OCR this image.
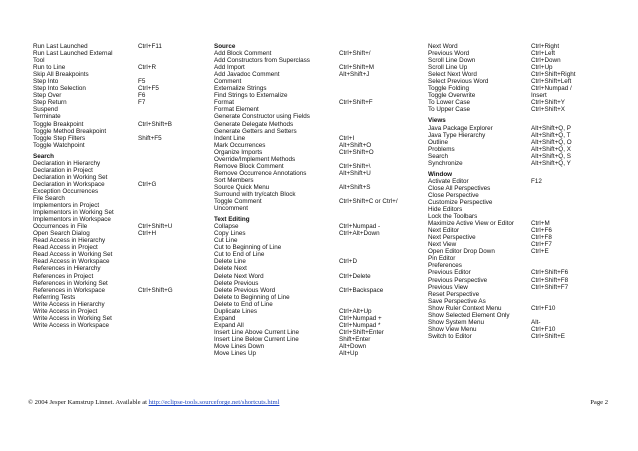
Run Last Launched	Ctrl+F11
Run Last Launched External
Tool
Run to Line	Ctrl+R
Skip All Breakpoints
Step Into	F5
Step Into Selection	Ctrl+F5
Step Over	F6
Step Return	F7
Suspend
Terminate
Toggle Breakpoint	Ctrl+Shift+B
Toggle Method Breakpoint
Toggle Step Filters	Shift+F5
Toggle Watchpoint
Search
Declaration in Hierarchy
Declaration in Project
Declaration in Working Set
Declaration in Workspace	Ctrl+G
Exception Occurrences
File Search
Implementors in Project
Implementors in Working Set
Implementors in Workspace
Occurrences in File	Ctrl+Shift+U
Open Search Dialog	Ctrl+H
Read Access in Hierarchy
Read Access in Project
Read Access in Working Set
Read Access in Workspace
References in Hierarchy
References in Project
References in Working Set
References in Workspace	Ctrl+Shift+G
Referring Tests
Write Access in Hierarchy
Write Access in Project
Write Access in Working Set
Write Access in Workspace
Source
Add Block Comment	Ctrl+Shift+/
Add Constructors from Superclass
Add Import	Ctrl+Shift+M
Add Javadoc Comment	Alt+Shift+J
Comment
Externalize Strings
Find Strings to Externalize
Format	Ctrl+Shift+F
Format Element
Generate Constructor using Fields
Generate Delegate Methods
Generate Getters and Setters
Indent Line	Ctrl+I
Mark Occurrences	Alt+Shift+O
Organize Imports	Ctrl+Shift+O
Override/Implement Methods
Remove Block Comment	Ctrl+Shift+\
Remove Occurrence Annotations	Alt+Shift+U
Sort Members
Source Quick Menu	Alt+Shift+S
Surround with try/catch Block
Toggle Comment	Ctrl+Shift+C or Ctrl+/
Uncomment
Text Editing
Collapse	Ctrl+Numpad -
Copy Lines	Ctrl+Alt+Down
Cut Line
Cut to Beginning of Line
Cut to End of Line
Delete Line	Ctrl+D
Delete Next
Delete Next Word	Ctrl+Delete
Delete Previous
Delete Previous Word	Ctrl+Backspace
Delete to Beginning of Line
Delete to End of Line
Duplicate Lines	Ctrl+Alt+Up
Expand	Ctrl+Numpad +
Expand All	Ctrl+Numpad *
Insert Line Above Current Line	Ctrl+Shift+Enter
Insert Line Below Current Line	Shift+Enter
Move Lines Down	Alt+Down
Move Lines Up	Alt+Up
Next Word	Ctrl+Right
Previous Word	Ctrl+Left
Scroll Line Down	Ctrl+Down
Scroll Line Up	Ctrl+Up
Select Next Word	Ctrl+Shift+Right
Select Previous Word	Ctrl+Shift+Left
Toggle Folding	Ctrl+Numpad /
Toggle Overwrite	Insert
To Lower Case	Ctrl+Shift+Y
To Upper Case	Ctrl+Shift+X
Views
Java Package Explorer	Alt+Shift+Q, P
Java Type Hierarchy	Alt+Shift+Q, T
Outline	Alt+Shift+Q, O
Problems	Alt+Shift+Q, X
Search	Alt+Shift+Q, S
Synchronize	Alt+Shift+Q, Y
Window
Activate Editor	F12
Close All Perspectives
Close Perspective
Customize Perspective
Hide Editors
Lock the Toolbars
Maximize Active View or Editor	Ctrl+M
Next Editor	Ctrl+F6
Next Perspective	Ctrl+F8
Next View	Ctrl+F7
Open Editor Drop Down	Ctrl+E
Pin Editor
Preferences
Previous Editor	Ctrl+Shift+F6
Previous Perspective	Ctrl+Shift+F8
Previous View	Ctrl+Shift+F7
Reset Perspective
Save Perspective As
Show Ruler Context Menu	Ctrl+F10
Show Selected Element Only
Show System Menu	Alt-
Show View Menu	Ctrl+F10
Switch to Editor	Ctrl+Shift+E
© 2004 Jesper Kamstrup Linnet. Available at http://eclipse-tools.sourceforge.net/shortcuts.html	Page 2
